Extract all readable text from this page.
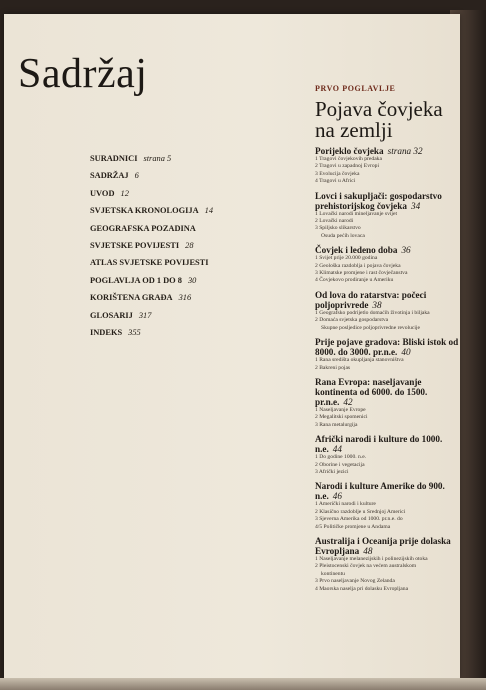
Sadržaj
SURADNICI strana 5
SADRŽAJ 6
UVOD 12
SVJETSKA KRONOLOGIJA 14
GEOGRAFSKA POZADINA
SVJETSKE POVIJESTI 28
ATLAS SVJETSKE POVIJESTI
POGLAVLJA OD 1 DO 8 30
KORIŠTENA GRAĐA 316
GLOSARIJ 317
INDEKS 355
PRVO POGLAVLJE
Pojava čovjeka
na zemlji
Porijeklo čovjeka strana 32
1 Tragovi čovjekovih predaka
2 Tragovi u zapadnoj Evropi
3 Evolucija čovjeka
4 Tragovi u Africi
Lovci i sakupljači: gospodarstvo prehistorijskog čovjeka 34
1 Lovački narodi mineljavanje svijet
2 Lovački narodi
3 Spiljsko slikarstvo
Osuda pećih lovaca
Čovjek i ledeno doba 36
1 Svijet prije 20.000 godina
2 Geološka razdoblja i pojava čovjeka
3 Klimatske promjene i rast čovječanstva
4 Čovjekovo prodiranje u Ameriku
Od lova do ratarstva: počeci poljoprivrede 38
1 Geografsko podrijetlo domaćih životinja i biljaka
2 Domaća svjetska gospodarstva
Skupne posljedice poljoprivredne revolucije
Prije pojave gradova: Bliski istok od 8000. do 3000. pr.n.e. 40
1 Rana središta okupljanja stanovništva
2 Bakreni pojas
Rana Evropa: naseljavanje kontinenta od 6000. do 1500. pr.n.e. 42
1 Naseljavanje Evrope
2 Megalitski spomenici
3 Rana metalurgija
Afrički narodi i kulture do 1000. n.e. 44
1 Do godine 1000. n.e.
2 Oborine i vegetacija
3 Afrički jezici
Narodi i kulture Amerike do 900. n.e. 46
1 Američki narodi i kulture
2 Klasično razdoblje u Srednjoj Americi
3 Sjeverna Amerika od 1000. pr.n.e. do
4/5 Političke promjene u Andama
Australija i Oceanija prije dolaska Evropljana 48
1 Naseljavanje melanezijskih i polinezijskih otoka
2 Pleistocenski čovjek na većem australskom
kontinentu
3 Prvo naseljavanje Novog Zelanda
4 Maorska naselja pri dolasku Evropljana
